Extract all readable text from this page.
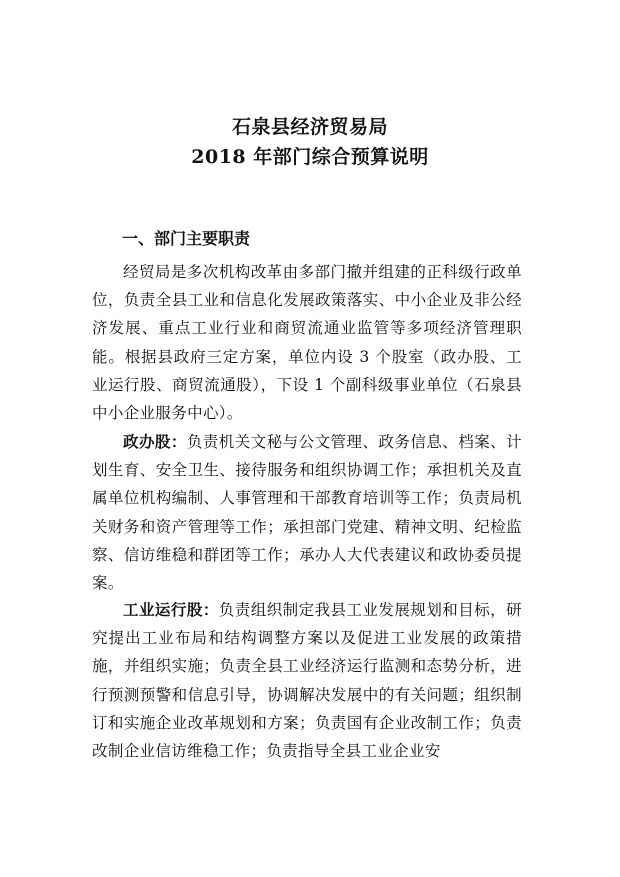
石泉县经济贸易局
2018 年部门综合预算说明
一、部门主要职责
经贸局是多次机构改革由多部门撤并组建的正科级行政单位，负责全县工业和信息化发展政策落实、中小企业及非公经济发展、重点工业行业和商贸流通业监管等多项经济管理职能。根据县政府三定方案，单位内设 3 个股室（政办股、工业运行股、商贸流通股），下设 1 个副科级事业单位（石泉县中小企业服务中心）。
政办股：负责机关文秘与公文管理、政务信息、档案、计划生育、安全卫生、接待服务和组织协调工作；承担机关及直属单位机构编制、人事管理和干部教育培训等工作；负责局机关财务和资产管理等工作；承担部门党建、精神文明、纪检监察、信访维稳和群团等工作；承办人大代表建议和政协委员提案。
工业运行股：负责组织制定我县工业发展规划和目标，研究提出工业布局和结构调整方案以及促进工业发展的政策措施，并组织实施；负责全县工业经济运行监测和态势分析，进行预测预警和信息引导，协调解决发展中的有关问题；组织制订和实施企业改革规划和方案；负责国有企业改制工作；负责改制企业信访维稳工作；负责指导全县工业企业安
